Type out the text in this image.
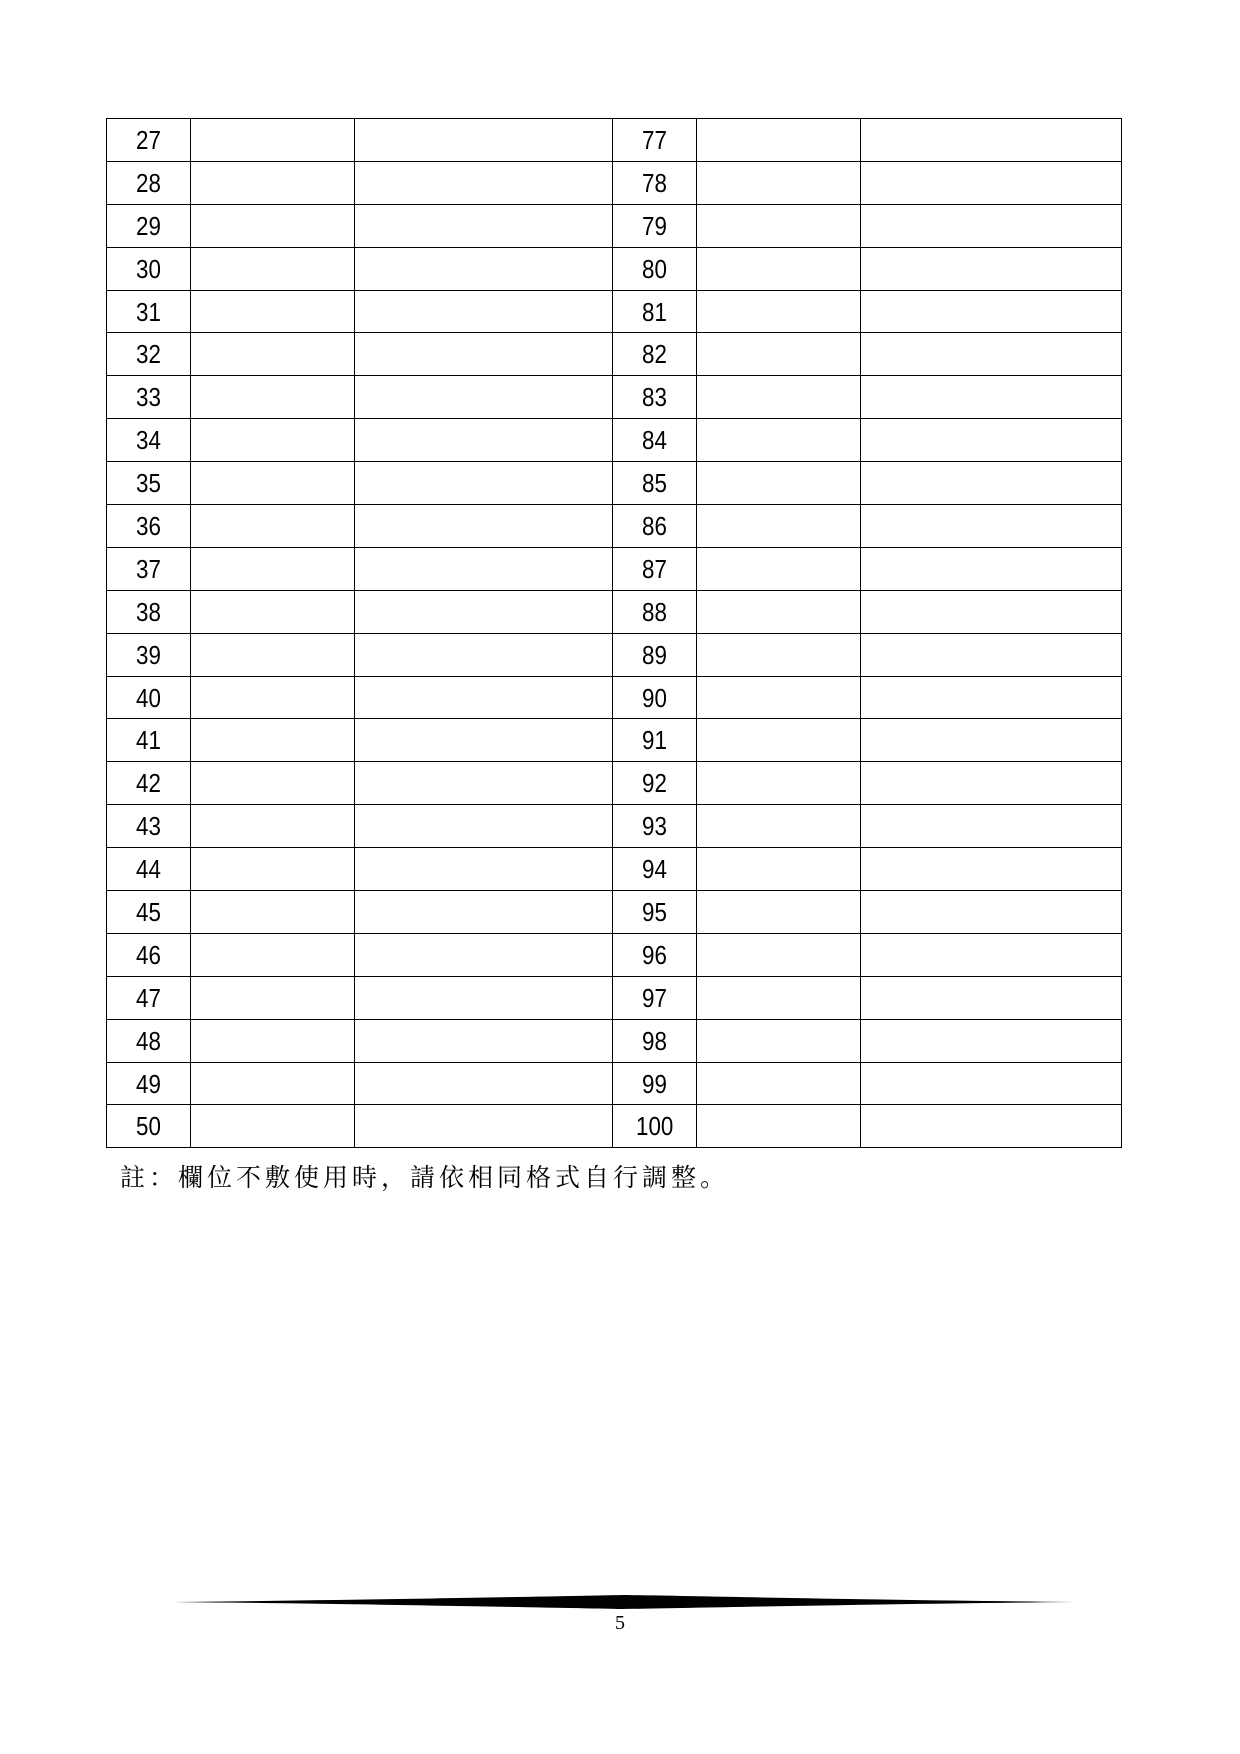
27			77		
28			78		
29			79		
30			80		
31			81		
32			82		
33			83		
34			84		
35			85		
36			86		
37			87		
38			88		
39			89		
40			90		
41			91		
42			92		
43			93		
44			94		
45			95		
46			96		
47			97		
48			98		
49			99		
50			100		
註：欄位不敷使用時，請依相同格式自行調整。
5
